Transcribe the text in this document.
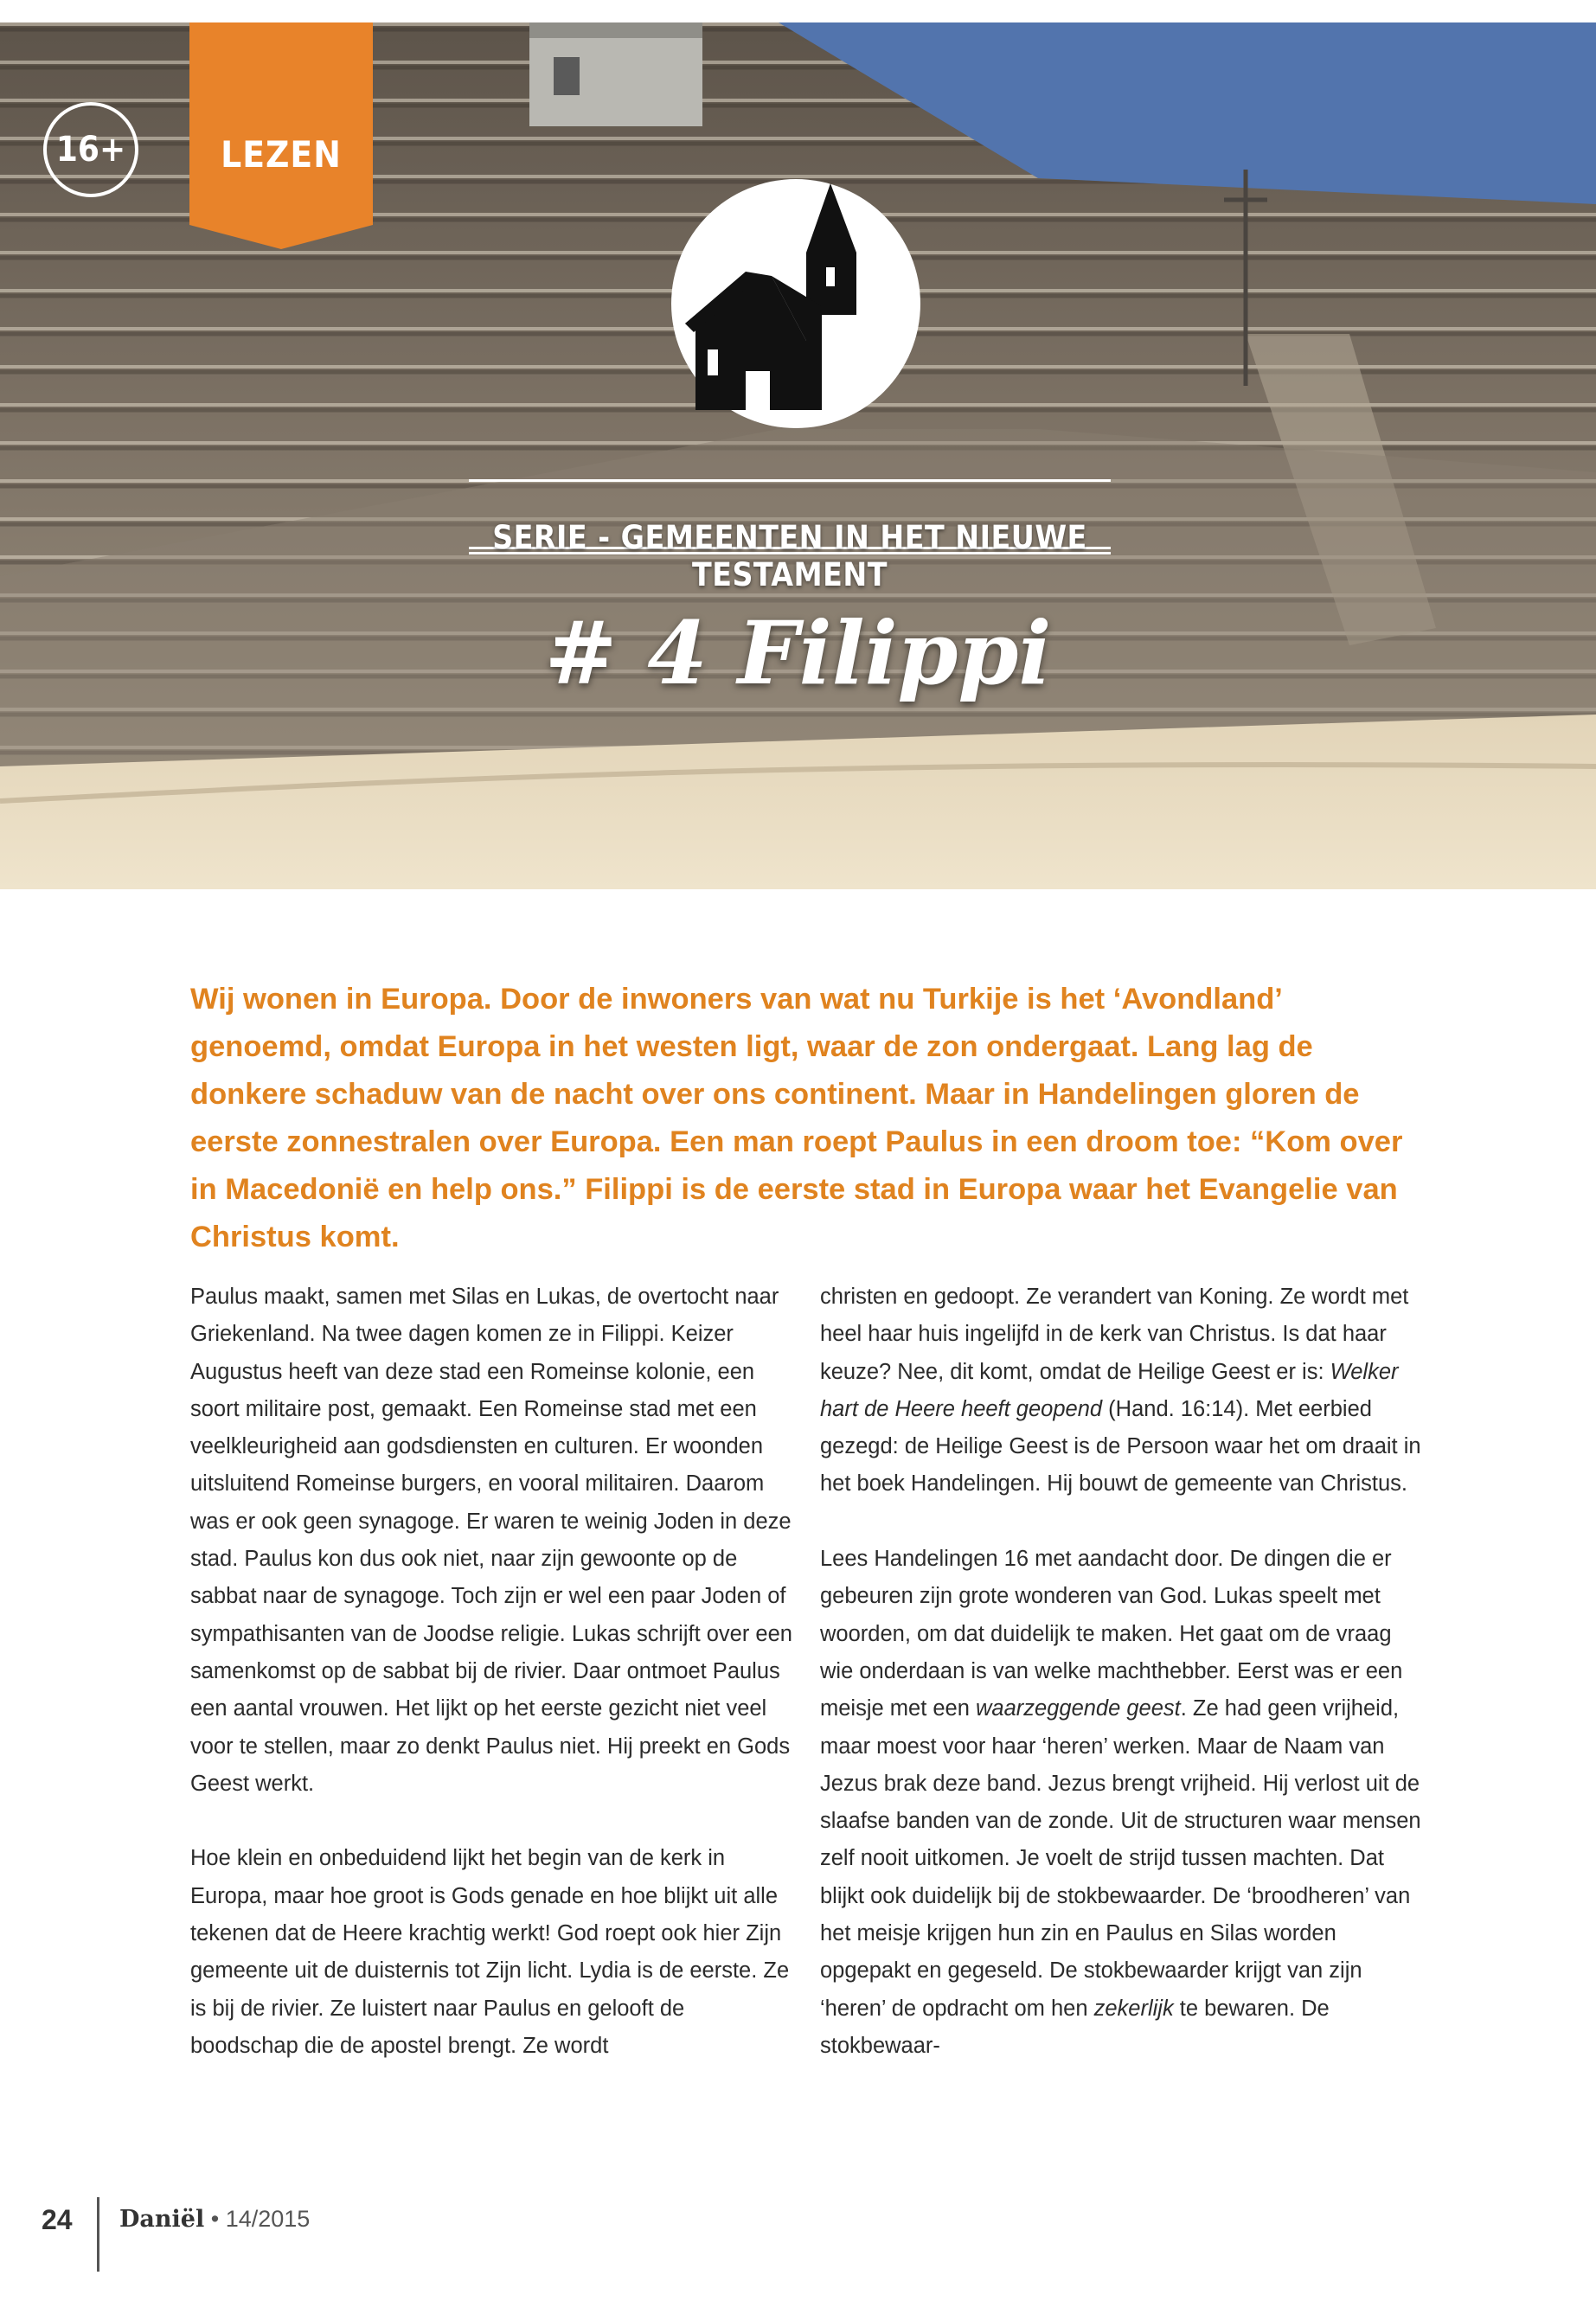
16+	LEZEN
SERIE - GEMEENTEN IN HET NIEUWE TESTAMENT
# 4 Filippi

Wij wonen in Europa. Door de inwoners van wat nu Turkije is het ‘Avondland’ genoemd, omdat Europa in het westen ligt, waar de zon ondergaat. Lang lag de donkere schaduw van de nacht over ons continent. Maar in Handelingen gloren de eerste zonnestralen over Europa. Een man roept Paulus in een droom toe: “Kom over in Macedonië en help ons.” Filippi is de eerste stad in Europa waar het Evangelie van Christus komt.

Paulus maakt, samen met Silas en Lukas, de overtocht naar Griekenland. Na twee dagen komen ze in Filippi. Keizer Augustus heeft van deze stad een Romeinse kolonie, een soort militaire post, gemaakt. Een Romeinse stad met een veelkleurigheid aan godsdiensten en culturen. Er woonden uitsluitend Romeinse burgers, en vooral militairen. Daarom was er ook geen synagoge. Er waren te weinig Joden in deze stad. Paulus kon dus ook niet, naar zijn gewoonte op de sabbat naar de synagoge. Toch zijn er wel een paar Joden of sympathisanten van de Joodse religie. Lukas schrijft over een samenkomst op de sabbat bij de rivier. Daar ontmoet Paulus een aantal vrouwen. Het lijkt op het eerste gezicht niet veel voor te stellen, maar zo denkt Paulus niet. Hij preekt en Gods Geest werkt.

Hoe klein en onbeduidend lijkt het begin van de kerk in Europa, maar hoe groot is Gods genade en hoe blijkt uit alle tekenen dat de Heere krachtig werkt! God roept ook hier Zijn gemeente uit de duisternis tot Zijn licht. Lydia is de eerste. Ze is bij de rivier. Ze luistert naar Paulus en gelooft de boodschap die de apostel brengt. Ze wordt

christen en gedoopt. Ze verandert van Koning. Ze wordt met heel haar huis ingelijfd in de kerk van Christus. Is dat haar keuze? Nee, dit komt, omdat de Heilige Geest er is: Welker hart de Heere heeft geopend (Hand. 16:14). Met eerbied gezegd: de Heilige Geest is de Persoon waar het om draait in het boek Handelingen. Hij bouwt de gemeente van Christus.

Lees Handelingen 16 met aandacht door. De dingen die er gebeuren zijn grote wonderen van God. Lukas speelt met woorden, om dat duidelijk te maken. Het gaat om de vraag wie onderdaan is van welke machthebber. Eerst was er een meisje met een waarzeggende geest. Ze had geen vrijheid, maar moest voor haar ‘heren’ werken. Maar de Naam van Jezus brak deze band. Jezus brengt vrijheid. Hij verlost uit de slaafse banden van de zonde. Uit de structuren waar mensen zelf nooit uitkomen. Je voelt de strijd tussen machten. Dat blijkt ook duidelijk bij de stokbewaarder. De ‘broodheren’ van het meisje krijgen hun zin en Paulus en Silas worden opgepakt en gegeseld. De stokbewaarder krijgt van zijn ‘heren’ de opdracht om hen zekerlijk te bewaren. De stokbewaar-

24 Daniël • 14/2015
